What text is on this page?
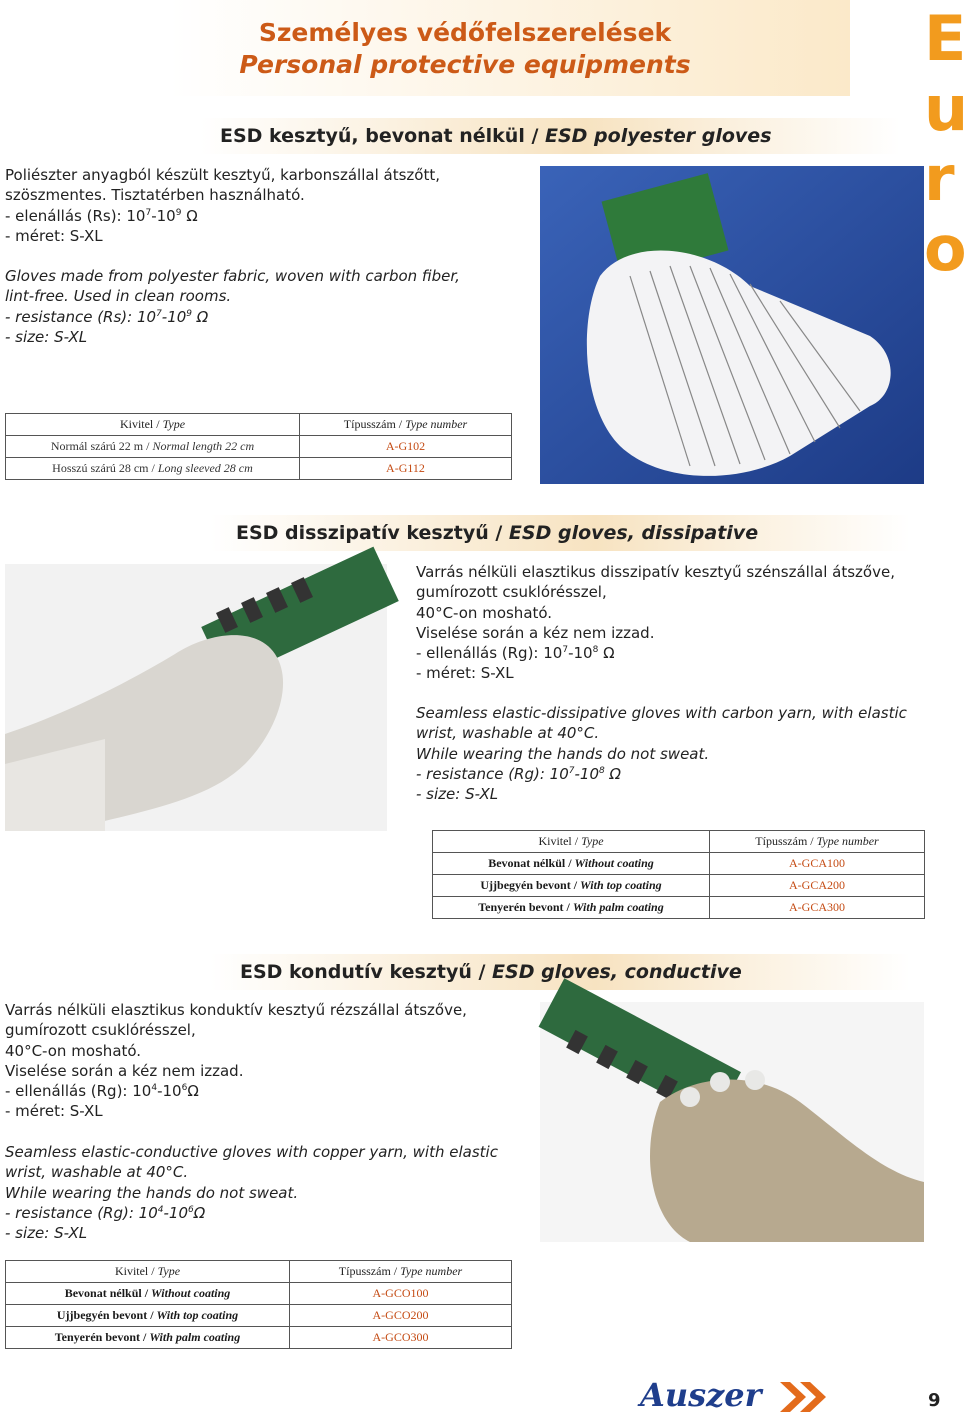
Személyes védőfelszerelések
Personal protective equipments	E
u
r
o
ESD kesztyű, bevonat nélkül / ESD polyester gloves
Poliészter anyagból készült kesztyű, karbonszállal átszőtt,
szöszmentes. Tisztatérben használható.
- elenállás (Rs): $10^7-10^9$ Ω
- méret: S-XL
Gloves made from polyester fabric, woven with carbon fiber,
lint-free. Used in clean rooms.
- resistance (Rs): $10^7-10^9$ Ω
- size: S-XL
Kivitel / Type	Típusszám / Type number
Normál szárú 22 m / Normal length 22 cm	A-G102
Hosszú szárú 28 cm / Long sleeved 28 cm	A-G112
ESD disszipatív kesztyű / ESD gloves, dissipative
Varrás nélküli elasztikus disszipatív kesztyű szénszállal átszőve,
gumírozott csuklórésszel,
40°C-on mosható.
Viselése során a kéz nem izzad.
- ellenállás (Rg): $10^7-10^8$ Ω
- méret: S-XL
Seamless elastic-dissipative gloves with carbon yarn, with elastic
wrist, washable at 40°C.
While wearing the hands do not sweat.
- resistance (Rg): $10^7-10^8$ Ω
- size: S-XL
Kivitel / Type	Típusszám / Type number
Bevonat nélkül / Without coating	A-GCA100
Ujjbegyén bevont / With top coating	A-GCA200
Tenyerén bevont / With palm coating	A-GCA300
ESD kondutív kesztyű / ESD gloves, conductive
Varrás nélküli elasztikus konduktív kesztyű rézszállal átszőve,
gumírozott csuklórésszel,
40°C-on mosható.
Viselése során a kéz nem izzad.
- ellenállás (Rg): $10^4-10^6\Omega$
- méret: S-XL
Seamless elastic-conductive gloves with copper yarn, with elastic
wrist, washable at 40°C.
While wearing the hands do not sweat.
- resistance (Rg): $10^4-10^6\Omega$
- size: S-XL
Kivitel / Type	Típusszám / Type number
Bevonat nélkül / Without coating	A-GCO100
Ujjbegyén bevont / With top coating	A-GCO200
Tenyerén bevont / With palm coating	A-GCO300
Auszer	9
